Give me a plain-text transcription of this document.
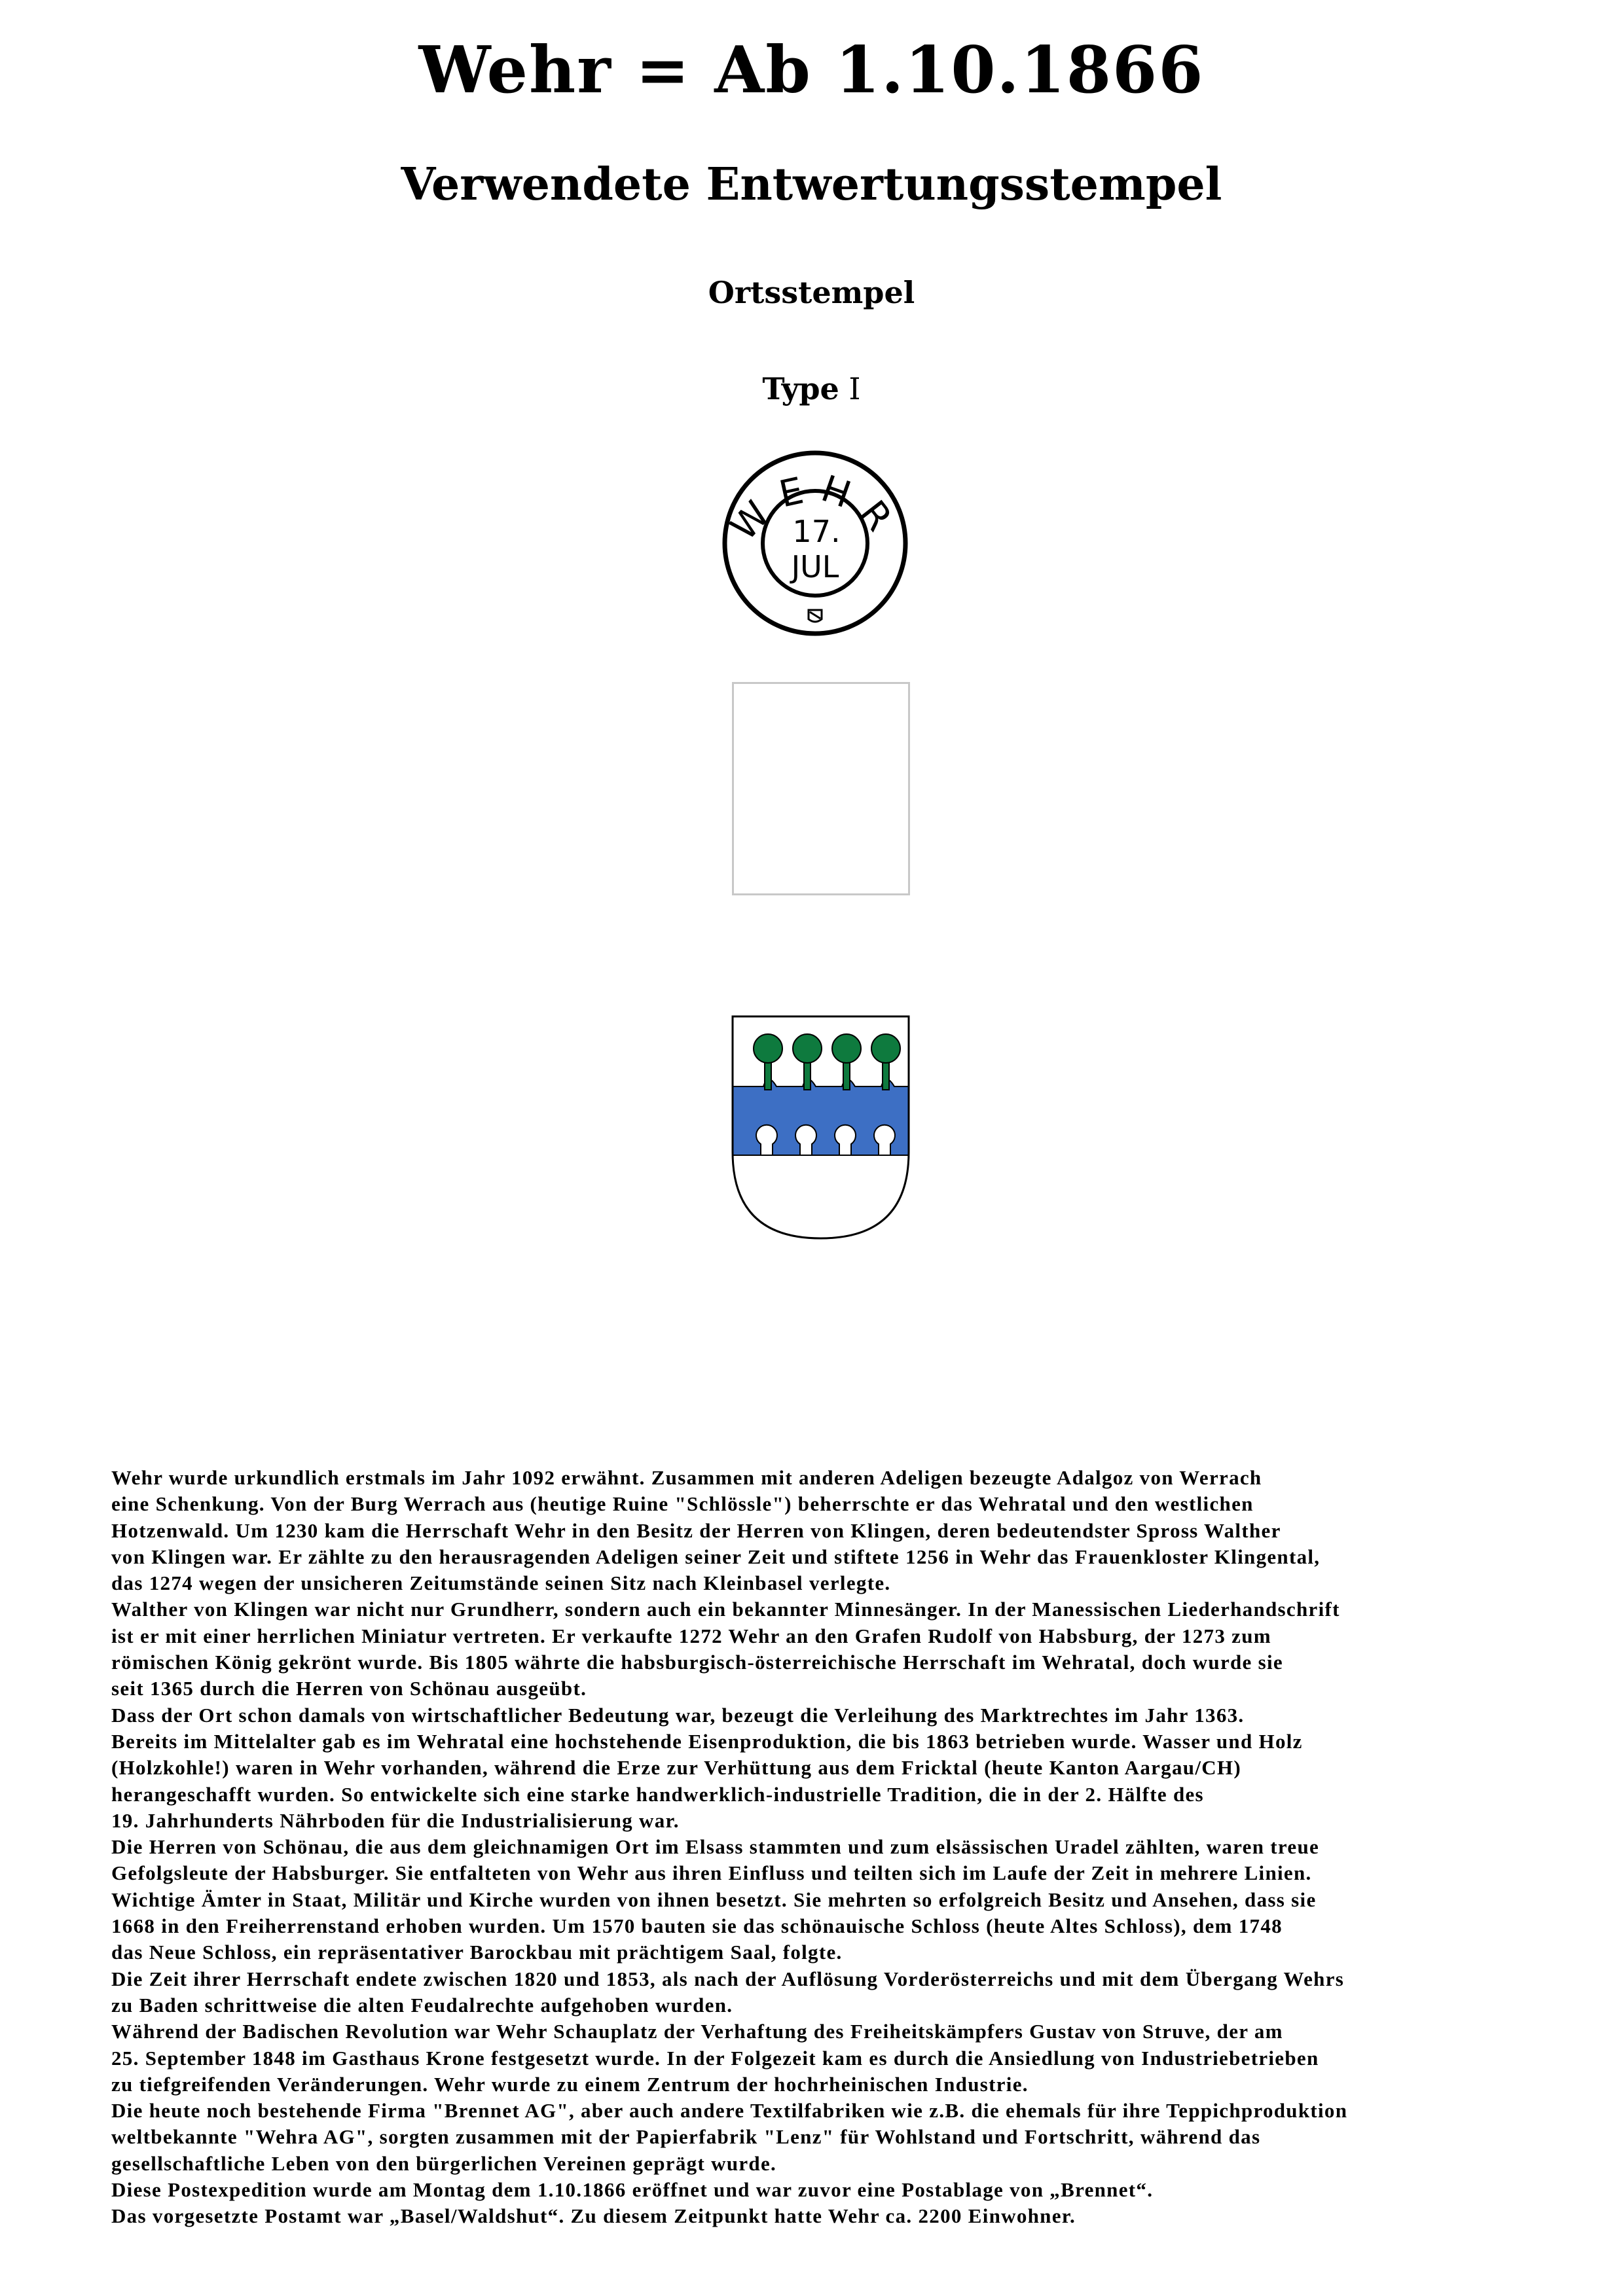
Wehr = Ab 1.10.1866
Verwendete Entwertungsstempel
Ortsstempel
Type I
WEHR
17.
JUL
Wehr wurde urkundlich erstmals im Jahr 1092 erwähnt. Zusammen mit anderen Adeligen bezeugte Adalgoz von Werrach
eine Schenkung. Von der Burg Werrach aus (heutige Ruine "Schlössle") beherrschte er das Wehratal und den westlichen
Hotzenwald. Um 1230 kam die Herrschaft Wehr in den Besitz der Herren von Klingen, deren bedeutendster Spross Walther
von Klingen war. Er zählte zu den herausragenden Adeligen seiner Zeit und stiftete 1256 in Wehr das Frauenkloster Klingental,
das 1274 wegen der unsicheren Zeitumstände seinen Sitz nach Kleinbasel verlegte.
Walther von Klingen war nicht nur Grundherr, sondern auch ein bekannter Minnesänger. In der Manessischen Liederhandschrift
ist er mit einer herrlichen Miniatur vertreten. Er verkaufte 1272 Wehr an den Grafen Rudolf von Habsburg, der 1273 zum
römischen König gekrönt wurde. Bis 1805 währte die habsburgisch-österreichische Herrschaft im Wehratal, doch wurde sie
seit 1365 durch die Herren von Schönau ausgeübt.
Dass der Ort schon damals von wirtschaftlicher Bedeutung war, bezeugt die Verleihung des Marktrechtes im Jahr 1363.
Bereits im Mittelalter gab es im Wehratal eine hochstehende Eisenproduktion, die bis 1863 betrieben wurde. Wasser und Holz
(Holzkohle!) waren in Wehr vorhanden, während die Erze zur Verhüttung aus dem Fricktal (heute Kanton Aargau/CH)
herangeschafft wurden. So entwickelte sich eine starke handwerklich-industrielle Tradition, die in der 2. Hälfte des
19. Jahrhunderts Nährboden für die Industrialisierung war.
Die Herren von Schönau, die aus dem gleichnamigen Ort im Elsass stammten und zum elsässischen Uradel zählten, waren treue
Gefolgsleute der Habsburger. Sie entfalteten von Wehr aus ihren Einfluss und teilten sich im Laufe der Zeit in mehrere Linien.
Wichtige Ämter in Staat, Militär und Kirche wurden von ihnen besetzt. Sie mehrten so erfolgreich Besitz und Ansehen, dass sie
1668 in den Freiherrenstand erhoben wurden. Um 1570 bauten sie das schönauische Schloss (heute Altes Schloss), dem 1748
das Neue Schloss, ein repräsentativer Barockbau mit prächtigem Saal, folgte.
Die Zeit ihrer Herrschaft endete zwischen 1820 und 1853, als nach der Auflösung Vorderösterreichs und mit dem Übergang Wehrs
zu Baden schrittweise die alten Feudalrechte aufgehoben wurden.
Während der Badischen Revolution war Wehr Schauplatz der Verhaftung des Freiheitskämpfers Gustav von Struve, der am
25. September 1848 im Gasthaus Krone festgesetzt wurde. In der Folgezeit kam es durch die Ansiedlung von Industriebetrieben
zu tiefgreifenden Veränderungen. Wehr wurde zu einem Zentrum der hochrheinischen Industrie.
Die heute noch bestehende Firma "Brennet AG", aber auch andere Textilfabriken wie z.B. die ehemals für ihre Teppichproduktion
weltbekannte "Wehra AG", sorgten zusammen mit der Papierfabrik "Lenz" für Wohlstand und Fortschritt, während das
gesellschaftliche Leben von den bürgerlichen Vereinen geprägt wurde.
Diese Postexpedition wurde am Montag dem 1.10.1866 eröffnet und war zuvor eine Postablage von „Brennet“.
Das vorgesetzte Postamt war „Basel/Waldshut“. Zu diesem Zeitpunkt hatte Wehr ca. 2200 Einwohner.
